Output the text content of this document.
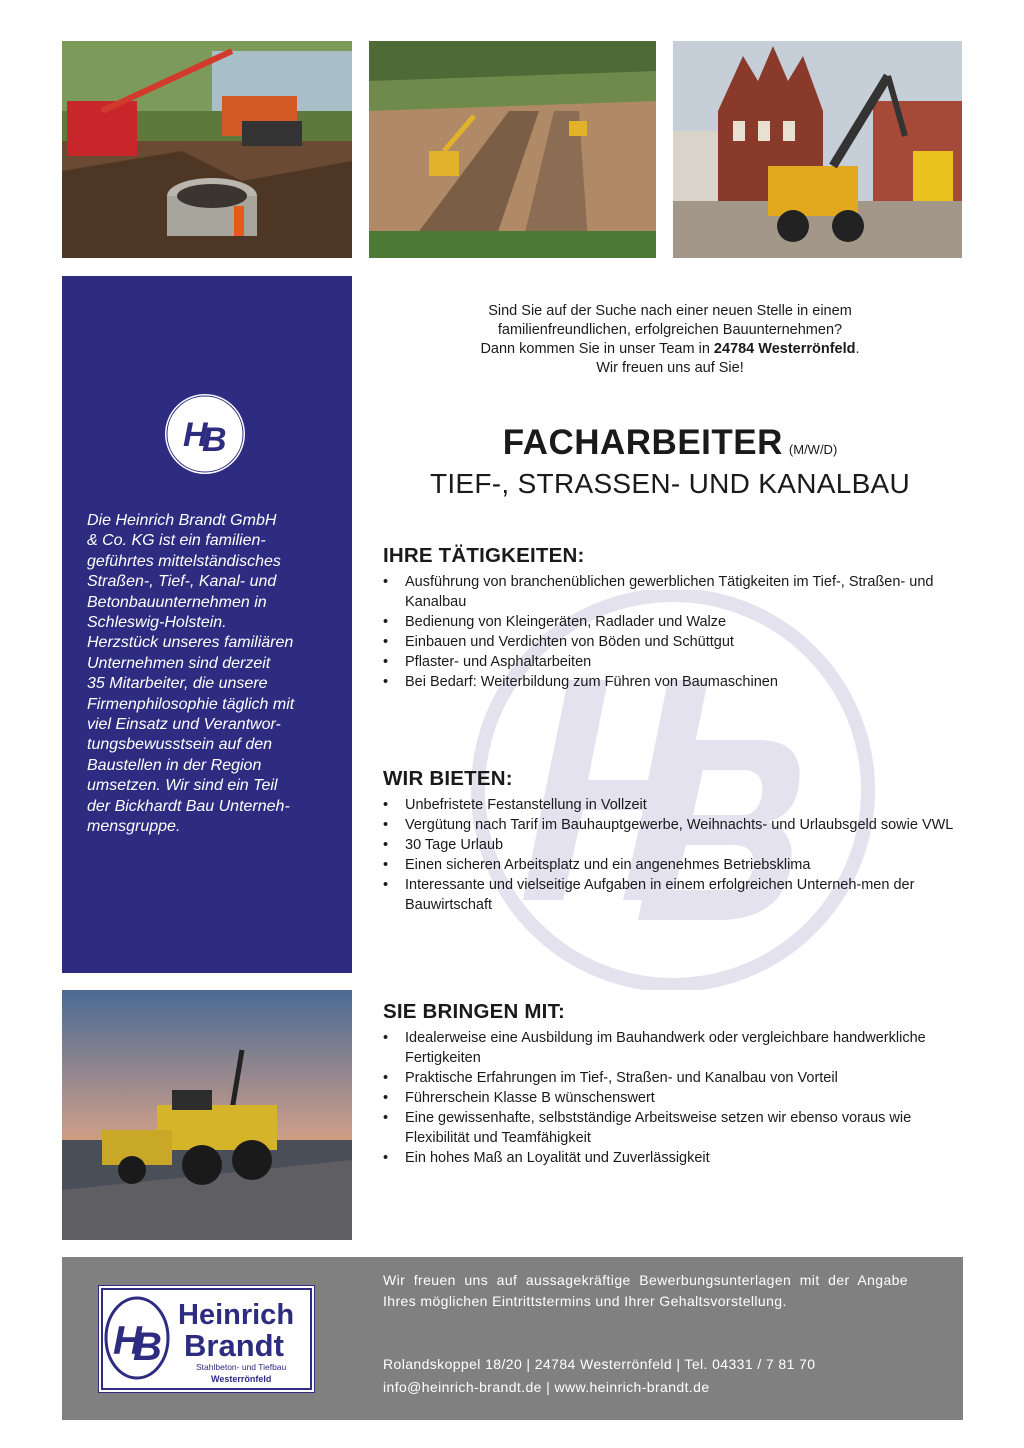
H
B
Die Heinrich Brandt GmbH
& Co. KG ist ein familien-
geführtes mittelständisches
Straßen-, Tief-, Kanal- und
Betonbauunternehmen in
Schleswig-Holstein.
Herzstück unseres familiären
Unternehmen sind derzeit
35 Mitarbeiter, die unsere
Firmenphilosophie täglich mit
viel Einsatz und Verantwor-
tungsbewusstsein auf den
Baustellen in der Region
umsetzen. Wir sind ein Teil
der Bickhardt Bau Unterneh-
mensgruppe.

Sind Sie auf der Suche nach einer neuen Stelle in einem

familienfreundlichen, erfolgreichen Bauunternehmen?

Dann kommen Sie in unser Team in 24784 Westerrönfeld.

Wir freuen uns auf Sie!

FACHARBEITER (M/W/D)
TIEF-, STRASSEN- UND KANALBAU
IHRE TÄTIGKEITEN:
• Ausführung von branchenüblichen gewerblichen Tätigkeiten im Tief-, Straßen- und Kanalbau
• Bedienung von Kleingeräten, Radlader und Walze
• Einbauen und Verdichten von Böden und Schüttgut
• Pflaster- und Asphaltarbeiten
• Bei Bedarf: Weiterbildung zum Führen von Baumaschinen
WIR BIETEN:
• Unbefristete Festanstellung in Vollzeit
• Vergütung nach Tarif im Bauhauptgewerbe, Weihnachts- und Urlaubsgeld sowie VWL
• 30 Tage Urlaub
• Einen sicheren Arbeitsplatz und ein angenehmes Betriebsklima
• Interessante und vielseitige Aufgaben in einem erfolgreichen Unterneh-men der Bauwirtschaft
SIE BRINGEN MIT:
• Idealerweise eine Ausbildung im Bauhandwerk oder vergleichbare handwerkliche Fertigkeiten
• Praktische Erfahrungen im Tief-, Straßen- und Kanalbau von Vorteil
• Führerschein Klasse B wünschenswert
• Eine gewissenhafte, selbstständige Arbeitsweise setzen wir ebenso voraus wie Flexibilität und Teamfähigkeit
• Ein hohes Maß an Loyalität und Zuverlässigkeit
H
B
Heinrich
Brandt
Stahlbeton- und Tiefbau
Westerrönfeld

Wir freuen uns auf aussagekräftige Bewerbungsunterlagen mit der Angabe Ihres möglichen Eintrittstermins und Ihrer Gehaltsvorstellung.

Rolandskoppel 18/20 | 24784 Westerrönfeld | Tel. 04331 / 7 81 70

info@heinrich-brandt.de | www.heinrich-brandt.de
